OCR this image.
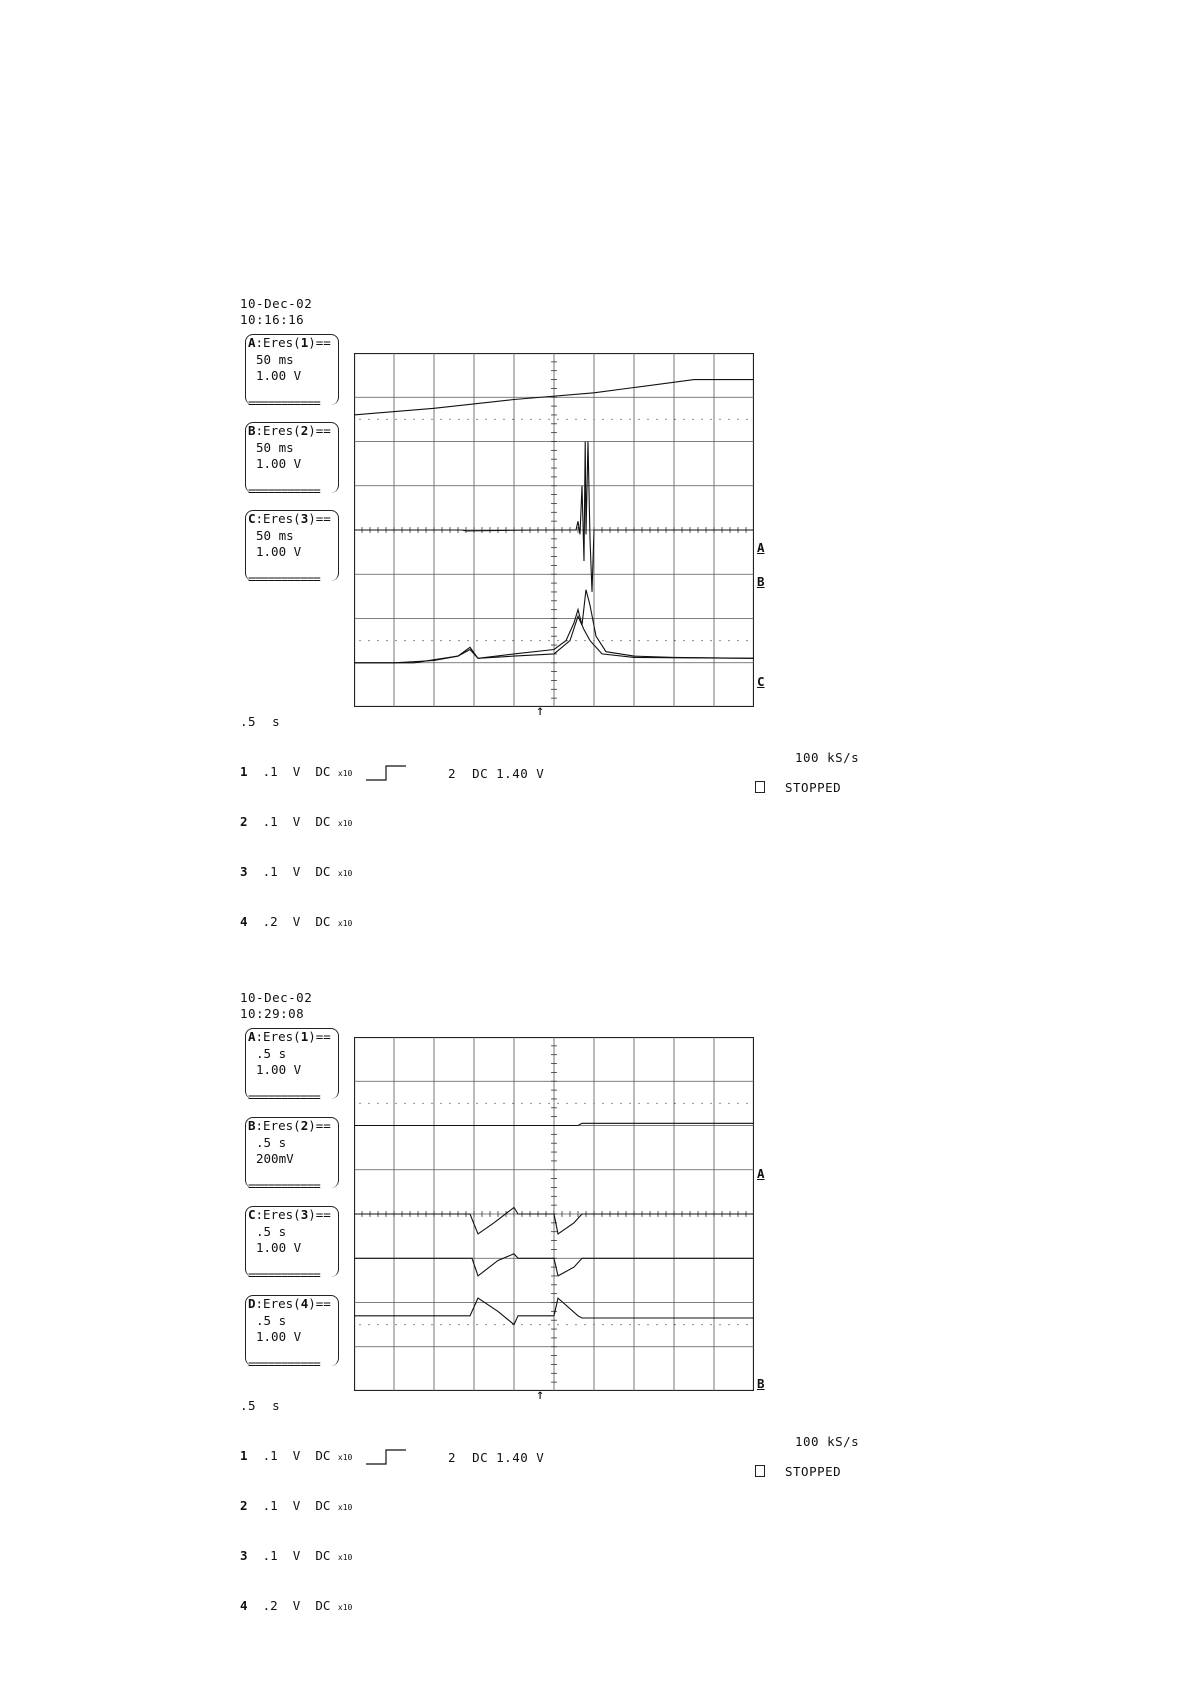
10-Dec-02
10:16:16
A:Eres(1)==
50 ms
1.00 V
===========
B:Eres(2)==
50 ms
1.00 V
===========
C:Eres(3)==
50 ms
1.00 V
===========
A
B
C
↑
.5  s

1 .1 V DC x10

2 .1 V DC x10

3 .1 V DC x10

4 .2 V DC x10

2  DC 1.40 V
100 kS/s
STOPPED
10-Dec-02
10:29:08
A:Eres(1)==
.5 s
1.00 V
===========
B:Eres(2)==
.5 s
200mV
===========
C:Eres(3)==
.5 s
1.00 V
===========
D:Eres(4)==
.5 s
1.00 V
===========
A
B
↑
.5  s

1 .1 V DC x10

2 .1 V DC x10

3 .1 V DC x10

4 .2 V DC x10

2  DC 1.40 V
100 kS/s
STOPPED
